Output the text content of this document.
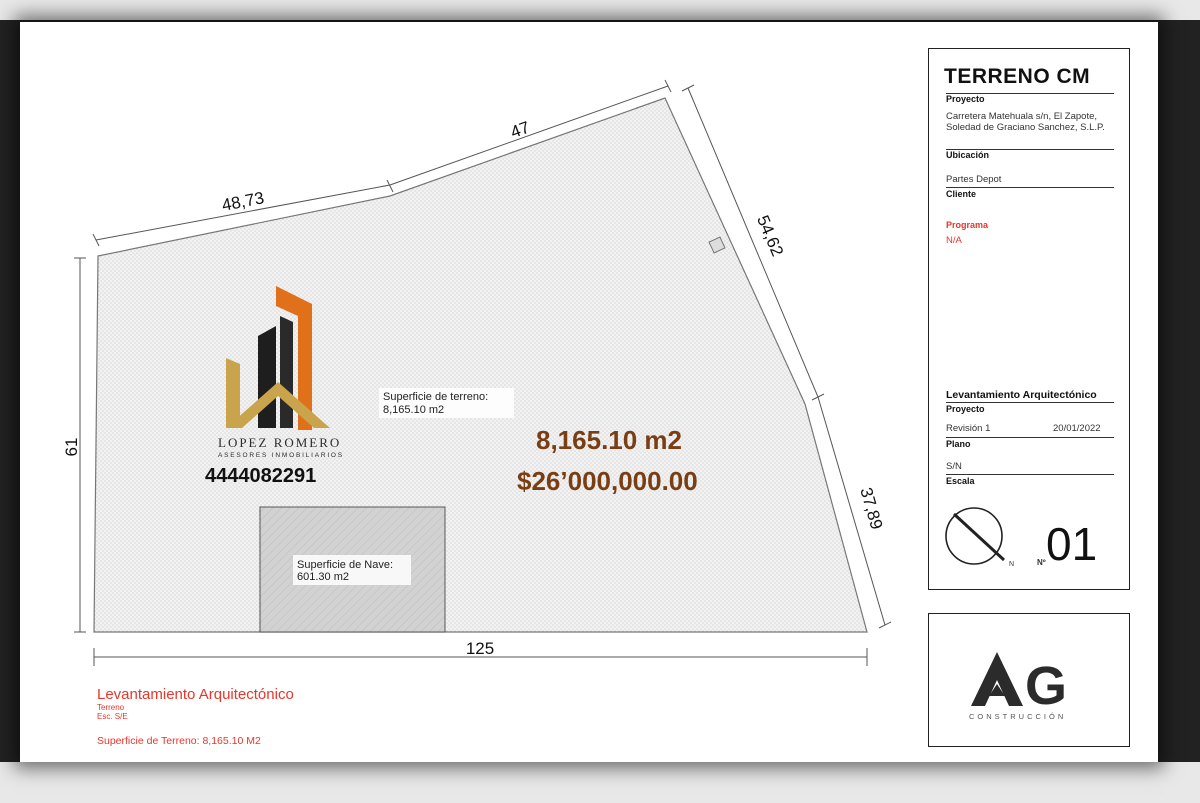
61
48,73
47
54,62
37,89
125
Superficie de terreno:
8,165.10 m2
Superficie de Nave:
601.30 m2
8,165.10 m2
$26’000,000.00
LOPEZ ROMERO
ASESORES INMOBILIARIOS
4444082291
TERRENO CM
Proyecto
Carretera Matehuala s/n, El Zapote, Soledad de Graciano Sanchez, S.L.P.
Ubicación
Partes Depot
Cliente
Programa
N/A
Levantamiento Arquitectónico
Proyecto
Revisión 1	20/01/2022
Plano
S/N
Escala
N	Nº 01
G
CONSTRUCCIÓN
Levantamiento Arquitectónico
Terreno
Esc. S/E
Superficie de Terreno: 8,165.10 M2
